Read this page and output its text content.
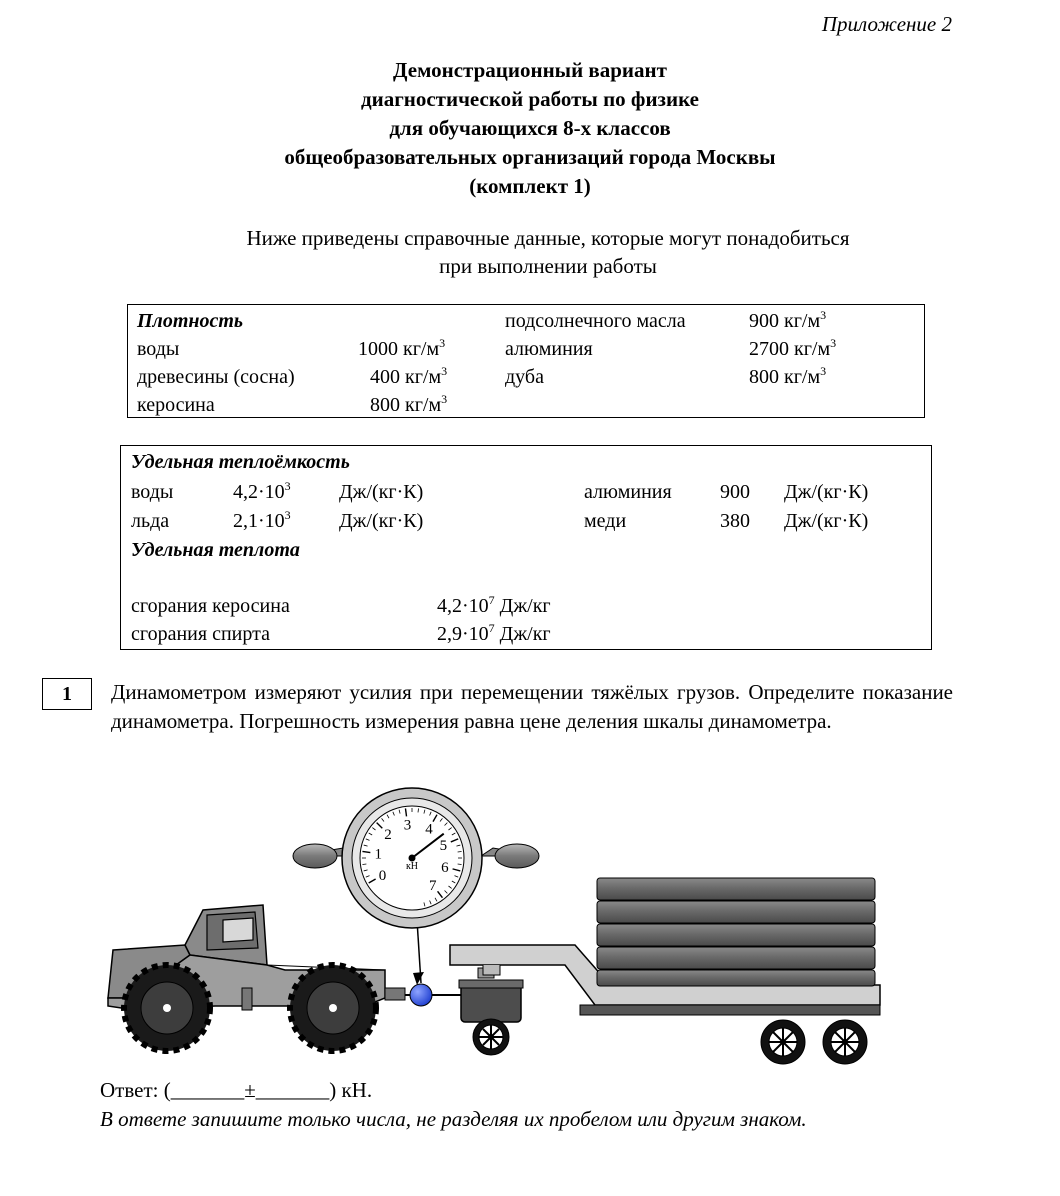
Приложение 2
Демонстрационный вариант
диагностической работы по физике
для обучающихся 8-х классов
общеобразовательных организаций города Москвы
(комплект 1)
Ниже приведены справочные данные, которые могут понадобиться
при выполнении работы
Плотность
воды	1000 $кг/м^3$
древесины (сосна)	400 $кг/м^3$
керосина	800 $кг/м^3$
подсолнечного масла	900 $кг/м^3$
алюминия	2700 $кг/м^3$
дуба	800 $кг/м^3$
Удельная теплоёмкость
воды	$4,2\cdot 10^3$ Дж/(кг·К)
льда	$2,1\cdot 10^3$ Дж/(кг·К)
алюминия 900 Дж/(кг·К)
меди	380 Дж/(кг·К)
Удельная теплота
сгорания керосина	$4,2\cdot 10^7$ Дж/кг
сгорания спирта	$2,9\cdot 10^7$ Дж/кг
1	Динамометром измеряют усилия при перемещении тяжёлых грузов. Определите показание динамометра. Погрешность измерения равна цене деления шкалы динамометра.
0
1
2
3 4
5
6
7
кН
Ответ: (_______±_______) кН.
В ответе запишите только числа, не разделяя их пробелом или другим знаком.
